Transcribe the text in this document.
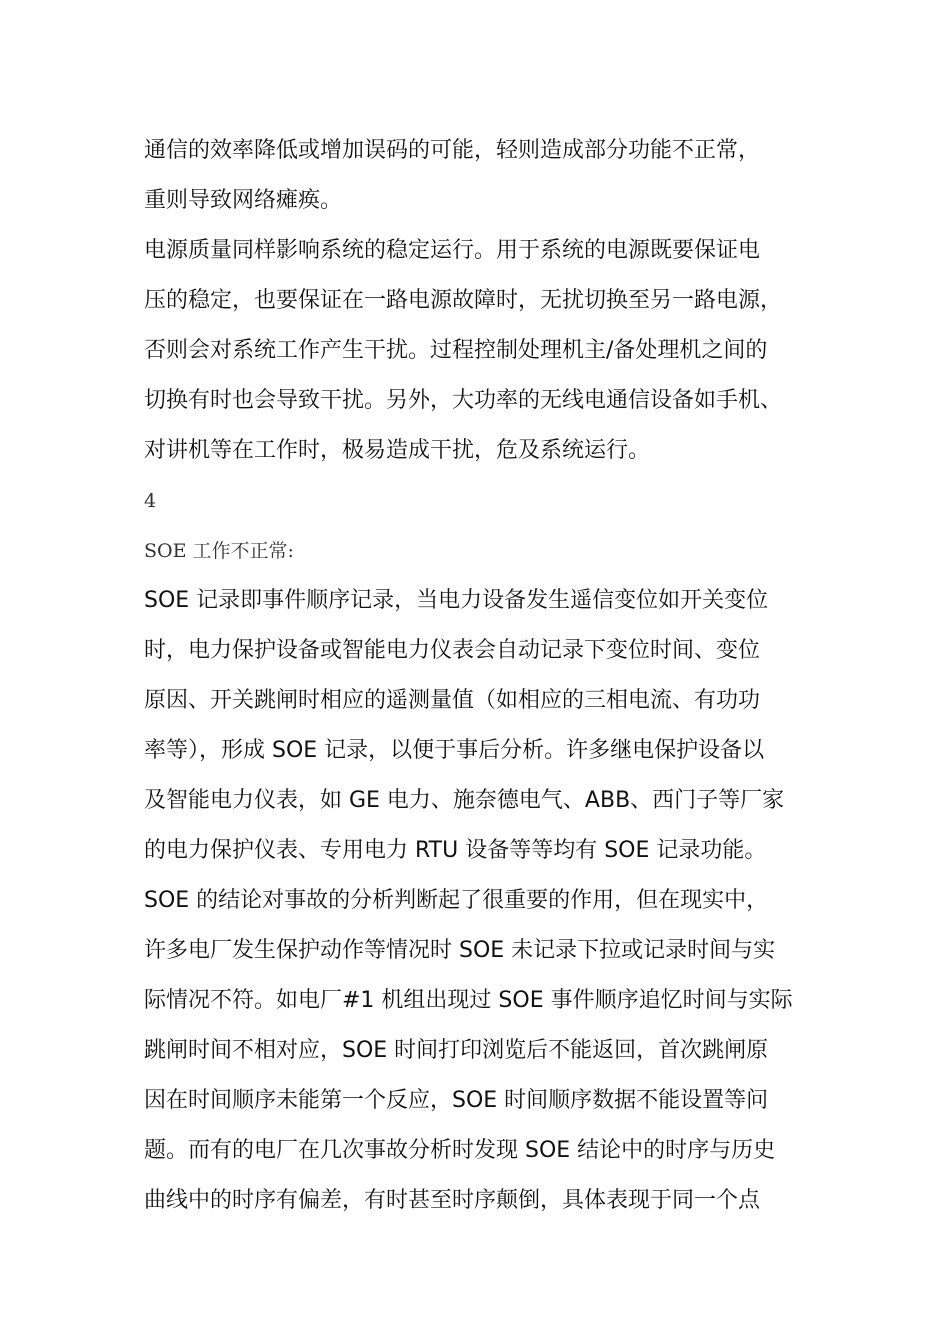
通信的效率降低或增加误码的可能，轻则造成部分功能不正常，
重则导致网络瘫痪。
电源质量同样影响系统的稳定运行。用于系统的电源既要保证电
压的稳定，也要保证在一路电源故障时，无扰切换至另一路电源，
否则会对系统工作产生干扰。过程控制处理机主/备处理机之间的
切换有时也会导致干扰。另外，大功率的无线电通信设备如手机、
对讲机等在工作时，极易造成干扰，危及系统运行。
4
SOE 工作不正常:
SOE 记录即事件顺序记录，当电力设备发生遥信变位如开关变位
时，电力保护设备或智能电力仪表会自动记录下变位时间、变位
原因、开关跳闸时相应的遥测量值（如相应的三相电流、有功功
率等），形成 SOE 记录，以便于事后分析。许多继电保护设备以
及智能电力仪表，如 GE 电力、施奈德电气、ABB、西门子等厂家
的电力保护仪表、专用电力 RTU 设备等等均有 SOE 记录功能。
SOE 的结论对事故的分析判断起了很重要的作用，但在现实中，
许多电厂发生保护动作等情况时 SOE 未记录下拉或记录时间与实
际情况不符。如电厂#1 机组出现过 SOE 事件顺序追忆时间与实际
跳闸时间不相对应，SOE 时间打印浏览后不能返回，首次跳闸原
因在时间顺序未能第一个反应，SOE 时间顺序数据不能设置等问
题。而有的电厂在几次事故分析时发现 SOE 结论中的时序与历史
曲线中的时序有偏差，有时甚至时序颠倒，具体表现于同一个点
